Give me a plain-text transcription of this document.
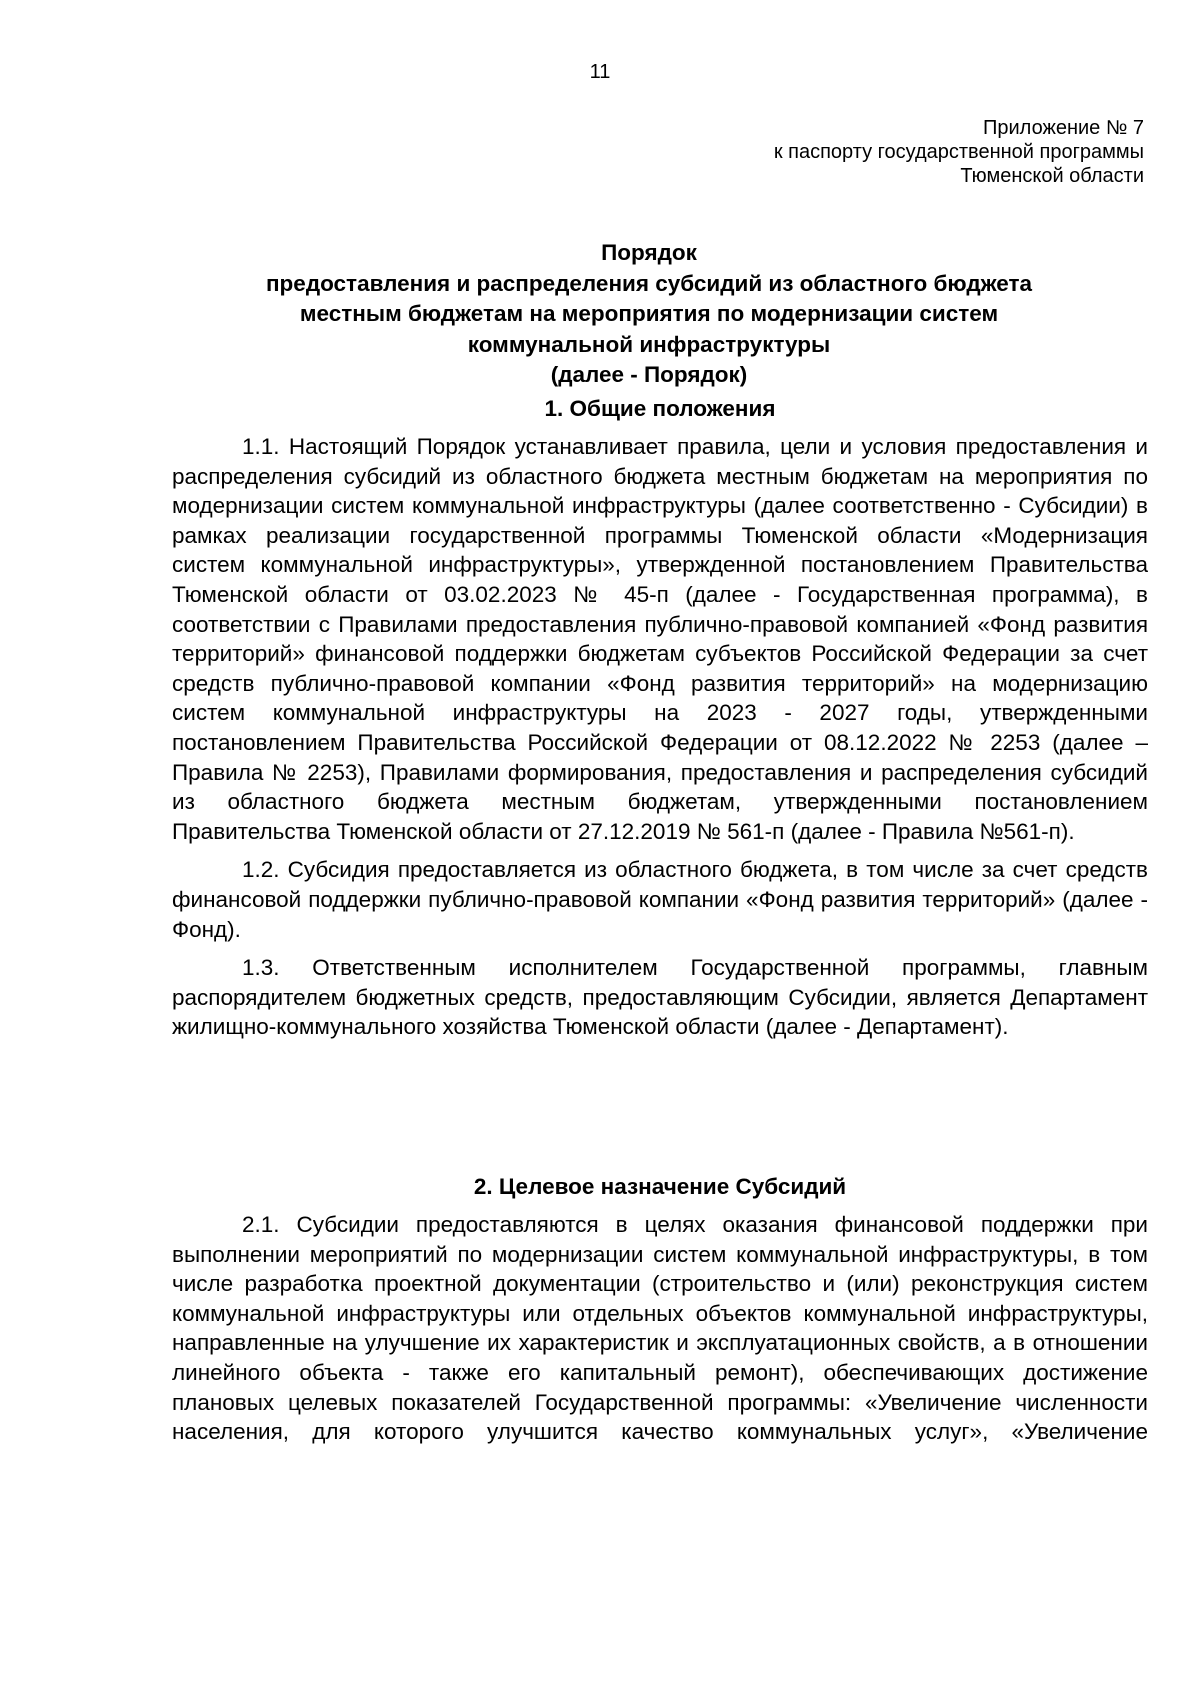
11
Приложение № 7
к паспорту государственной программы
Тюменской области
Порядок
предоставления и распределения субсидий из областного бюджета
местным бюджетам на мероприятия по модернизации систем
коммунальной инфраструктуры
(далее - Порядок)
1. Общие положения

1.1. Настоящий Порядок устанавливает правила, цели и условия предоставления и распределения субсидий из областного бюджета местным бюджетам на мероприятия по модернизации систем коммунальной инфраструктуры (далее соответственно - Субсидии) в рамках реализации государственной программы Тюменской области «Модернизация систем коммунальной инфраструктуры», утвержденной постановлением Правительства Тюменской области от 03.02.2023 № 45-п (далее - Государственная программа), в соответствии с Правилами предоставления публично-правовой компанией «Фонд развития территорий» финансовой поддержки бюджетам субъектов Российской Федерации за счет средств публично-правовой компании «Фонд развития территорий» на модернизацию систем коммунальной инфраструктуры на 2023 - 2027 годы, утвержденными постановлением Правительства Российской Федерации от 08.12.2022 № 2253 (далее – Правила № 2253), Правилами формирования, предоставления и распределения субсидий из областного бюджета местным бюджетам, утвержденными постановлением Правительства Тюменской области от 27.12.2019 № 561-п (далее - Правила №561-п).

1.2. Субсидия предоставляется из областного бюджета, в том числе за счет средств финансовой поддержки публично-правовой компании «Фонд развития территорий» (далее - Фонд).

1.3. Ответственным исполнителем Государственной программы, главным распорядителем бюджетных средств, предоставляющим Субсидии, является Департамент жилищно-коммунального хозяйства Тюменской области (далее - Департамент).

2. Целевое назначение Субсидий

2.1. Субсидии предоставляются в целях оказания финансовой поддержки при выполнении мероприятий по модернизации систем коммунальной инфраструктуры, в том числе разработка проектной документации (строительство и (или) реконструкция систем коммунальной инфраструктуры или отдельных объектов коммунальной инфраструктуры, направленные на улучшение их характеристик и эксплуатационных свойств, а в отношении линейного объекта - также его капитальный ремонт), обеспечивающих достижение плановых целевых показателей Государственной программы: «Увеличение численности населения, для которого улучшится качество коммунальных услуг», «Увеличение
